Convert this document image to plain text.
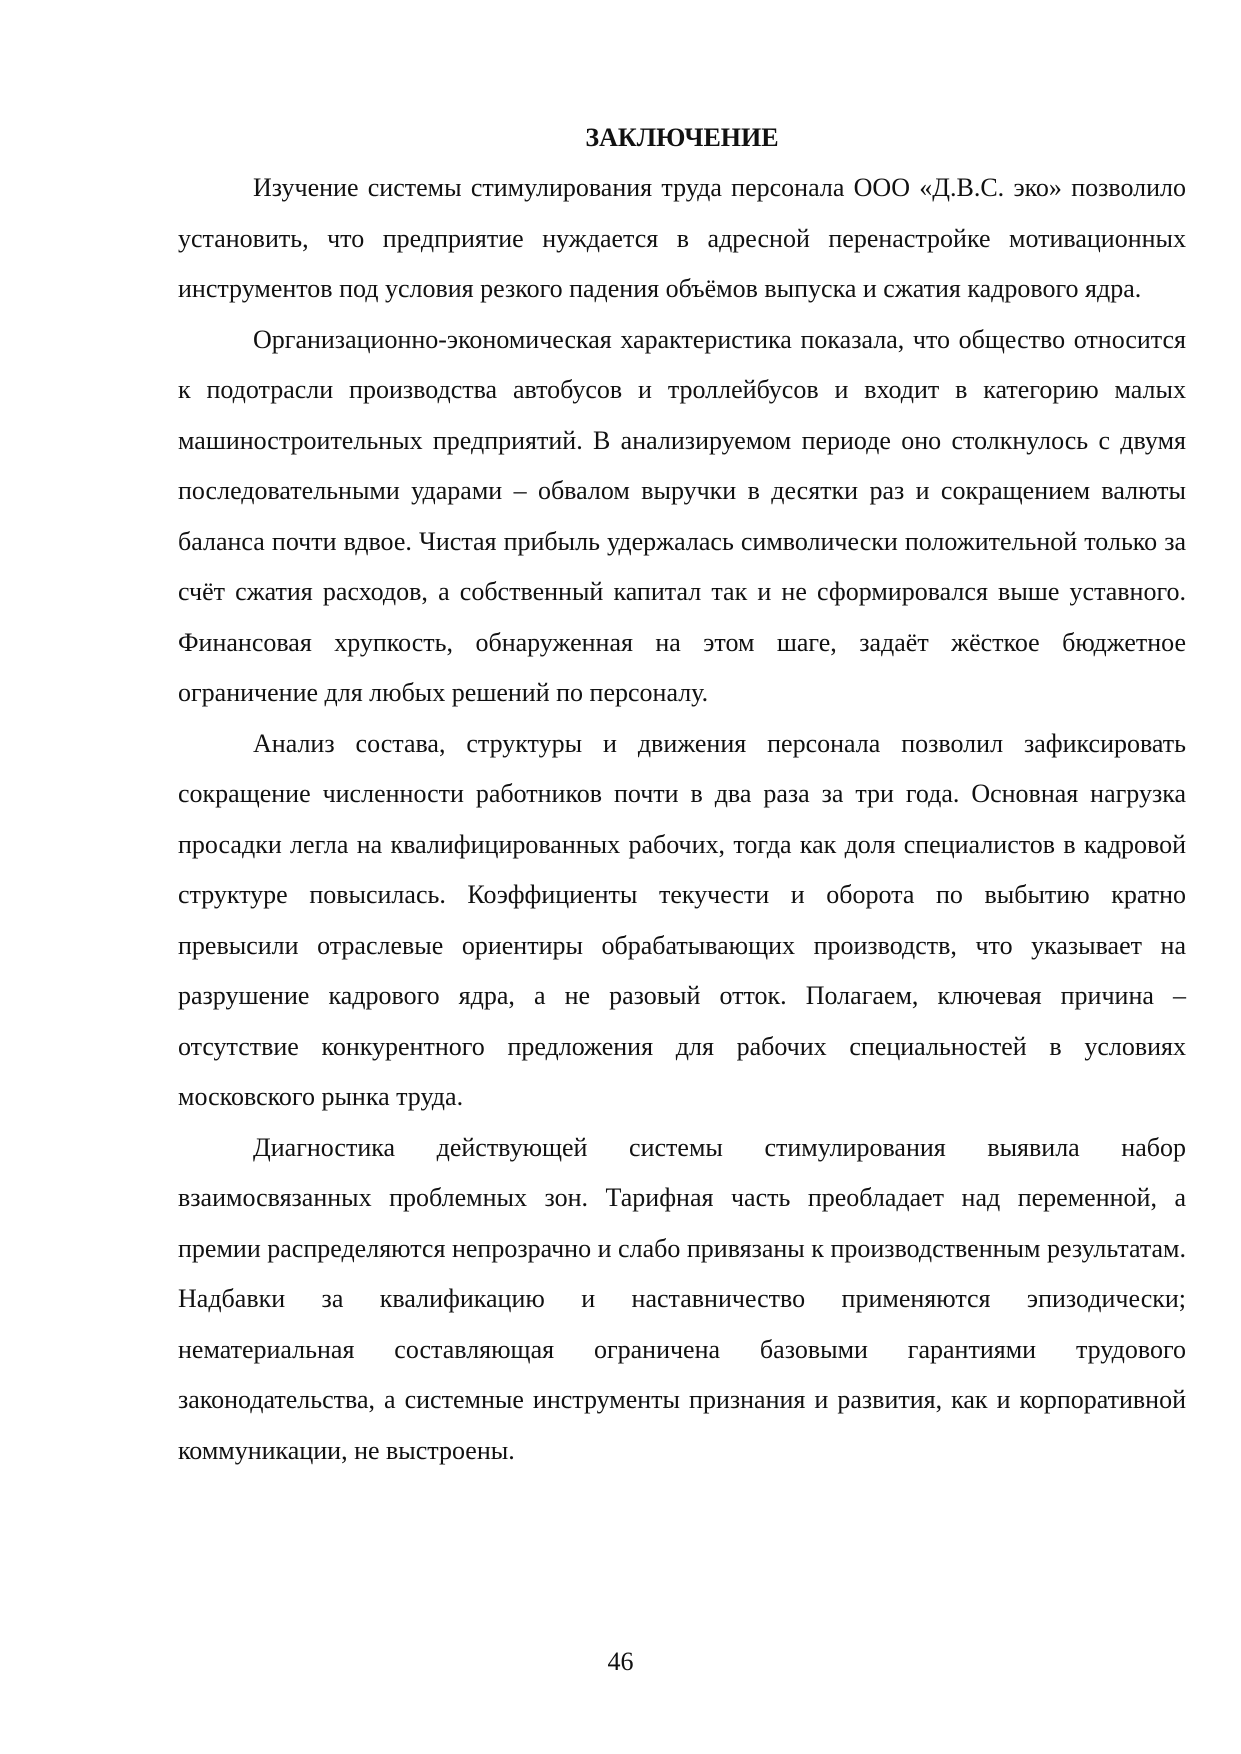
ЗАКЛЮЧЕНИЕ

Изучение системы стимулирования труда персонала ООО «Д.В.С. эко» позволило установить, что предприятие нуждается в адресной перенастройке мотивационных инструментов под условия резкого падения объёмов выпуска и сжатия кадрового ядра.

Организационно-экономическая характеристика показала, что общество относится к подотрасли производства автобусов и троллейбусов и входит в категорию малых машиностроительных предприятий. В анализируемом периоде оно столкнулось с двумя последовательными ударами – обвалом выручки в десятки раз и сокращением валюты баланса почти вдвое. Чистая прибыль удержалась символически положительной только за счёт сжатия расходов, а собственный капитал так и не сформировался выше уставного. Финансовая хрупкость, обнаруженная на этом шаге, задаёт жёсткое бюджетное ограничение для любых решений по персоналу.

Анализ состава, структуры и движения персонала позволил зафиксировать сокращение численности работников почти в два раза за три года. Основная нагрузка просадки легла на квалифицированных рабочих, тогда как доля специалистов в кадровой структуре повысилась. Коэффициенты текучести и оборота по выбытию кратно превысили отраслевые ориентиры обрабатывающих производств, что указывает на разрушение кадрового ядра, а не разовый отток. Полагаем, ключевая причина – отсутствие конкурентного предложения для рабочих специальностей в условиях московского рынка труда.

Диагностика действующей системы стимулирования выявила набор взаимосвязанных проблемных зон. Тарифная часть преобладает над переменной, а премии распределяются непрозрачно и слабо привязаны к производственным результатам. Надбавки за квалификацию и наставничество применяются эпизодически; нематериальная составляющая ограничена базовыми гарантиями трудового законодательства, а системные инструменты признания и развития, как и корпоративной коммуникации, не выстроены.

46
